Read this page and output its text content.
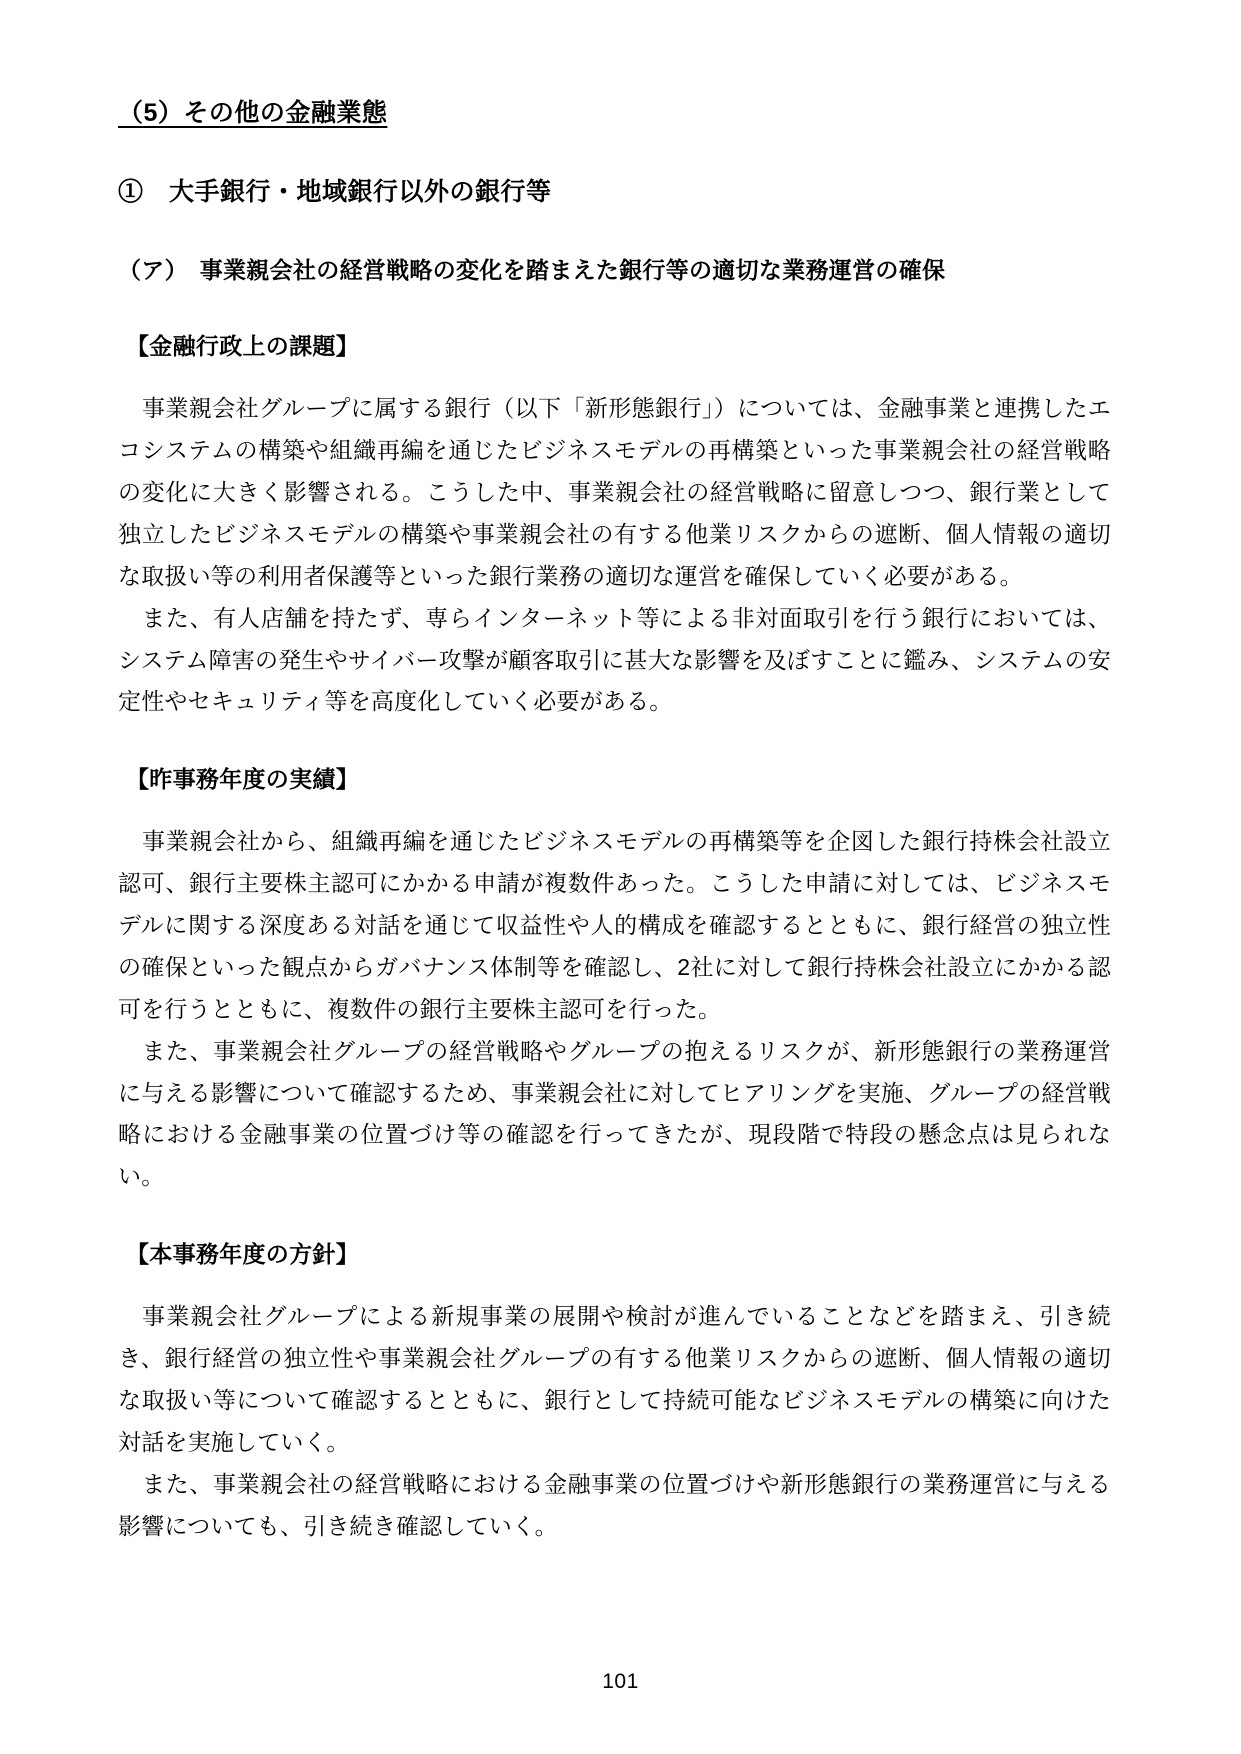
（5）その他の金融業態
①　大手銀行・地域銀行以外の銀行等
（ア）　事業親会社の経営戦略の変化を踏まえた銀行等の適切な業務運営の確保
【金融行政上の課題】

事業親会社グループに属する銀行（以下「新形態銀行」）については、金融事業と連携したエコシステムの構築や組織再編を通じたビジネスモデルの再構築といった事業親会社の経営戦略の変化に大きく影響される。こうした中、事業親会社の経営戦略に留意しつつ、銀行業として独立したビジネスモデルの構築や事業親会社の有する他業リスクからの遮断、個人情報の適切な取扱い等の利用者保護等といった銀行業務の適切な運営を確保していく必要がある。

また、有人店舗を持たず、専らインターネット等による非対面取引を行う銀行においては、システム障害の発生やサイバー攻撃が顧客取引に甚大な影響を及ぼすことに鑑み、システムの安定性やセキュリティ等を高度化していく必要がある。

【昨事務年度の実績】

事業親会社から、組織再編を通じたビジネスモデルの再構築等を企図した銀行持株会社設立認可、銀行主要株主認可にかかる申請が複数件あった。こうした申請に対しては、ビジネスモデルに関する深度ある対話を通じて収益性や人的構成を確認するとともに、銀行経営の独立性の確保といった観点からガバナンス体制等を確認し、2社に対して銀行持株会社設立にかかる認可を行うとともに、複数件の銀行主要株主認可を行った。

また、事業親会社グループの経営戦略やグループの抱えるリスクが、新形態銀行の業務運営に与える影響について確認するため、事業親会社に対してヒアリングを実施、グループの経営戦略における金融事業の位置づけ等の確認を行ってきたが、現段階で特段の懸念点は見られない。

【本事務年度の方針】

事業親会社グループによる新規事業の展開や検討が進んでいることなどを踏まえ、引き続き、銀行経営の独立性や事業親会社グループの有する他業リスクからの遮断、個人情報の適切な取扱い等について確認するとともに、銀行として持続可能なビジネスモデルの構築に向けた対話を実施していく。

また、事業親会社の経営戦略における金融事業の位置づけや新形態銀行の業務運営に与える影響についても、引き続き確認していく。

101
